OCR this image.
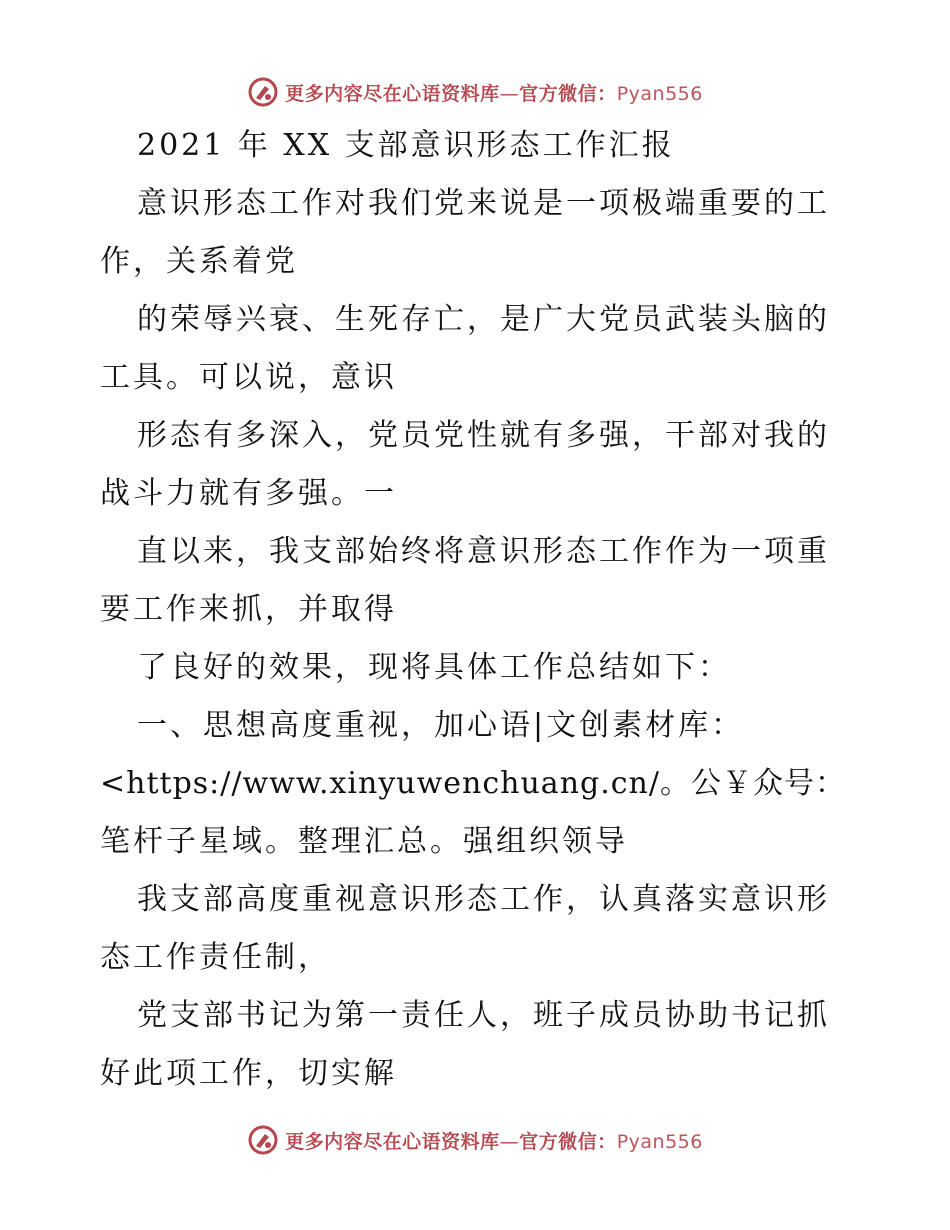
更多内容尽在心语资料库—官方微信：Pyan556
2021 年 XX 支部意识形态工作汇报
意识形态工作对我们党来说是一项极端重要的工
作，关系着党
的荣辱兴衰、生死存亡，是广大党员武装头脑的
工具。可以说，意识
形态有多深入，党员党性就有多强，干部对我的
战斗力就有多强。一
直以来，我支部始终将意识形态工作作为一项重
要工作来抓，并取得
了良好的效果，现将具体工作总结如下：
一、思想高度重视，加心语|文创素材库：
<https://www.xinyuwenchuang.cn/。公￥众号：
笔杆子星域。整理汇总。强组织领导
我支部高度重视意识形态工作，认真落实意识形
态工作责任制，
党支部书记为第一责任人，班子成员协助书记抓
好此项工作，切实解
更多内容尽在心语资料库—官方微信：Pyan556
